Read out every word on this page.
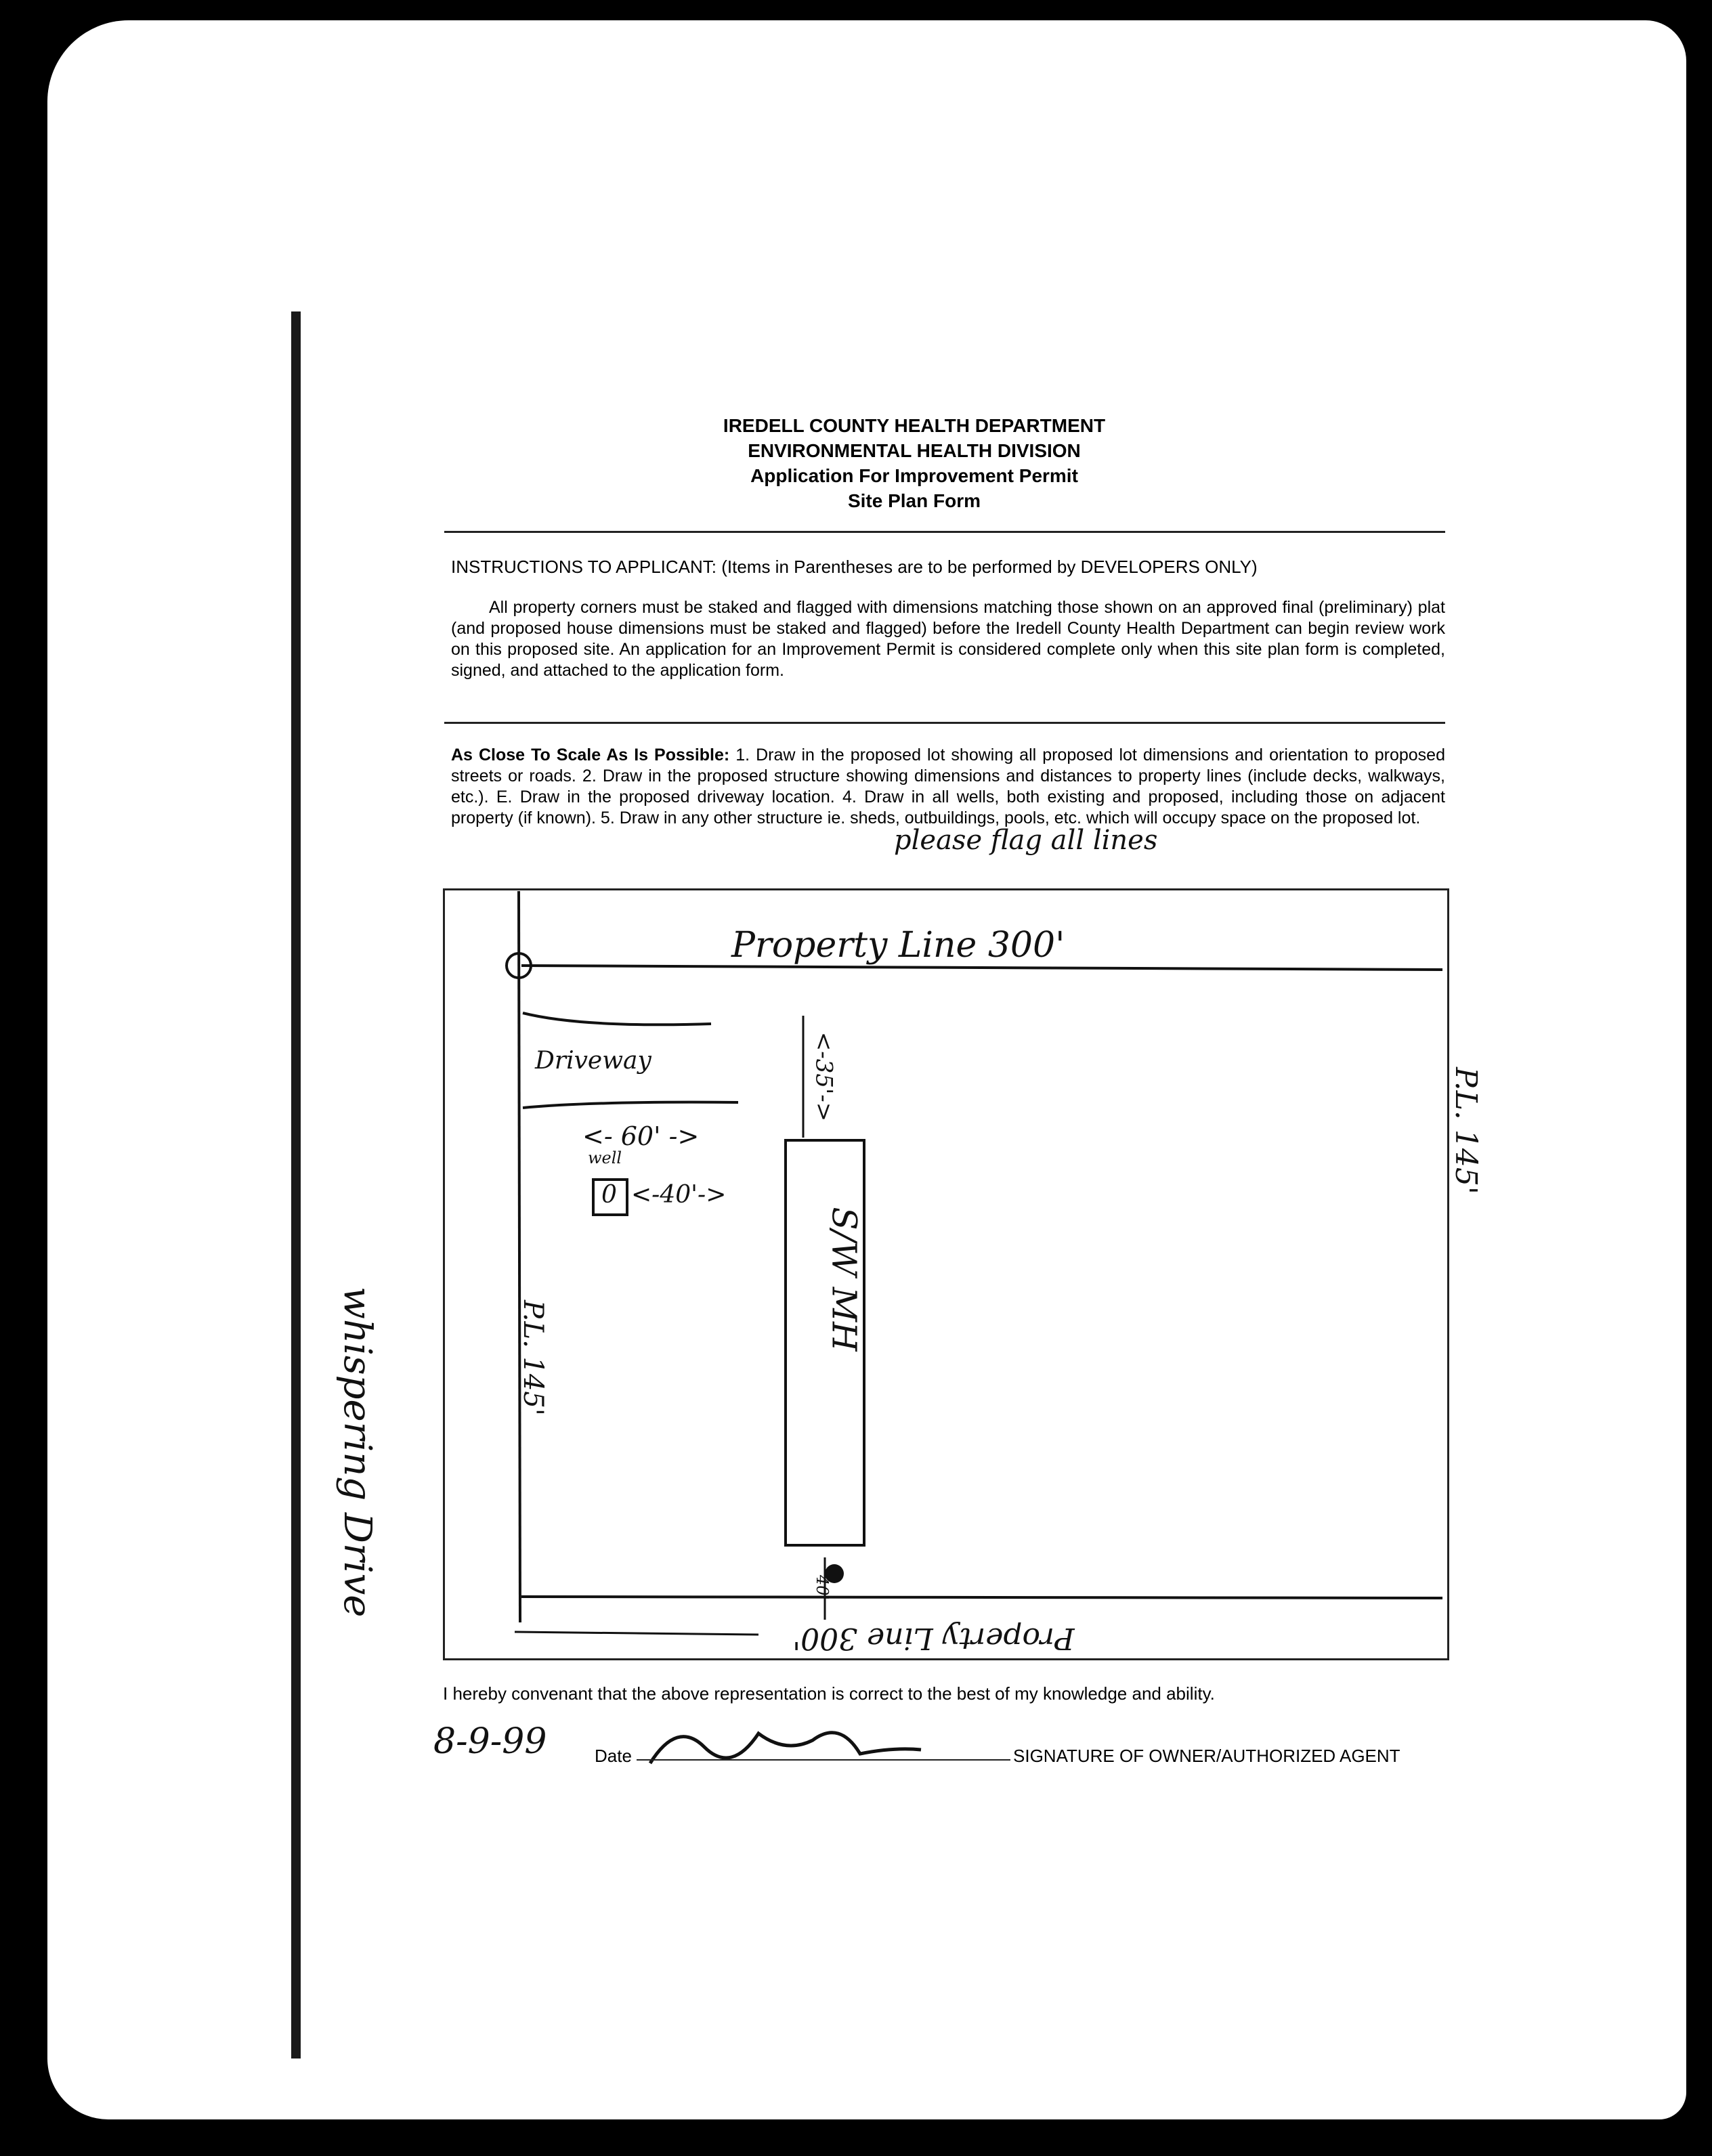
IREDELL COUNTY HEALTH DEPARTMENT
ENVIRONMENTAL HEALTH DIVISION
Application For Improvement Permit
Site Plan Form
INSTRUCTIONS TO APPLICANT: (Items in Parentheses are to be performed by DEVELOPERS ONLY)
All property corners must be staked and flagged with dimensions matching those shown on an approved final (preliminary) plat (and proposed house dimensions must be staked and flagged) before the Iredell County Health Department can begin review work on this proposed site. An application for an Improvement Permit is considered complete only when this site plan form is completed, signed, and attached to the application form.
As Close To Scale As Is Possible: 1. Draw in the proposed lot showing all proposed lot dimensions and orientation to proposed streets or roads. 2. Draw in the proposed structure showing dimensions and distances to property lines (include decks, walkways, etc.). E. Draw in the proposed driveway location. 4. Draw in all wells, both existing and proposed, including those on adjacent property (if known). 5. Draw in any other structure ie. sheds, outbuildings, pools, etc. which will occupy space on the proposed lot.
please flag all lines
Property Line 300'
Driveway
whispering Drive
<- 60' ->
well
0 <-40'->
<-35'->
S/W MH
P.L. 145'
P.L. 145'
Property Line 300'
40'
I hereby convenant that the above representation is correct to the best of my knowledge and ability.
8-9-99	Date	SIGNATURE OF OWNER/AUTHORIZED AGENT
